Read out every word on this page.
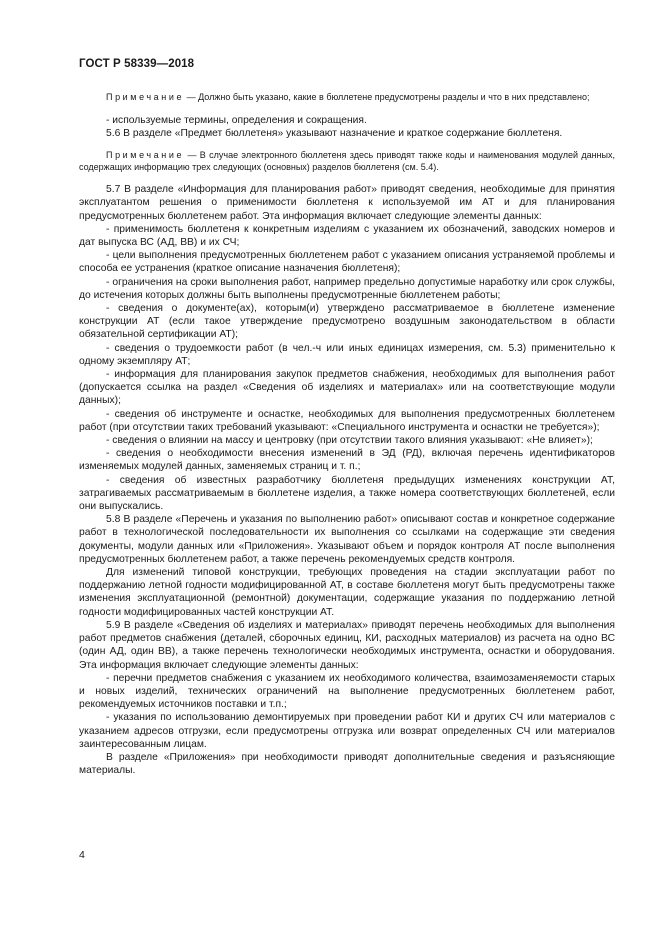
ГОСТ Р 58339—2018

Примечание — Должно быть указано, какие в бюллетене предусмотрены разделы и что в них представлено;

- используемые термины, определения и сокращения.

5.6 В разделе «Предмет бюллетеня» указывают назначение и краткое содержание бюллетеня.

Примечание — В случае электронного бюллетеня здесь приводят также коды и наименования модулей данных, содержащих информацию трех следующих (основных) разделов бюллетеня (см. 5.4).

5.7 В разделе «Информация для планирования работ» приводят сведения, необходимые для принятия эксплуатантом решения о применимости бюллетеня к используемой им АТ и для планирования предусмотренных бюллетенем работ. Эта информация включает следующие элементы данных:

- применимость бюллетеня к конкретным изделиям с указанием их обозначений, заводских номеров и дат выпуска ВС (АД, ВВ) и их СЧ;

- цели выполнения предусмотренных бюллетенем работ с указанием описания устраняемой проблемы и способа ее устранения (краткое описание назначения бюллетеня);

- ограничения на сроки выполнения работ, например предельно допустимые наработку или срок службы, до истечения которых должны быть выполнены предусмотренные бюллетенем работы;

- сведения о документе(ах), которым(и) утверждено рассматриваемое в бюллетене изменение конструкции АТ (если такое утверждение предусмотрено воздушным законодательством в области обязательной сертификации АТ);

- сведения о трудоемкости работ (в чел.-ч или иных единицах измерения, см. 5.3) применительно к одному экземпляру АТ;

- информация для планирования закупок предметов снабжения, необходимых для выполнения работ (допускается ссылка на раздел «Сведения об изделиях и материалах» или на соответствующие модули данных);

- сведения об инструменте и оснастке, необходимых для выполнения предусмотренных бюллетенем работ (при отсутствии таких требований указывают: «Специального инструмента и оснастки не требуется»);

- сведения о влиянии на массу и центровку (при отсутствии такого влияния указывают: «Не влияет»);

- сведения о необходимости внесения изменений в ЭД (РД), включая перечень идентификаторов изменяемых модулей данных, заменяемых страниц и т. п.;

- сведения об известных разработчику бюллетеня предыдущих изменениях конструкции АТ, затрагиваемых рассматриваемым в бюллетене изделия, а также номера соответствующих бюллетеней, если они выпускались.

5.8 В разделе «Перечень и указания по выполнению работ» описывают состав и конкретное содержание работ в технологической последовательности их выполнения со ссылками на содержащие эти сведения документы, модули данных или «Приложения». Указывают объем и порядок контроля АТ после выполнения предусмотренных бюллетенем работ, а также перечень рекомендуемых средств контроля.

Для изменений типовой конструкции, требующих проведения на стадии эксплуатации работ по поддержанию летной годности модифицированной АТ, в составе бюллетеня могут быть предусмотрены также изменения эксплуатационной (ремонтной) документации, содержащие указания по поддержанию летной годности модифицированных частей конструкции АТ.

5.9 В разделе «Сведения об изделиях и материалах» приводят перечень необходимых для выполнения работ предметов снабжения (деталей, сборочных единиц, КИ, расходных материалов) из расчета на одно ВС (один АД, один ВВ), а также перечень технологически необходимых инструмента, оснастки и оборудования. Эта информация включает следующие элементы данных:

- перечни предметов снабжения с указанием их необходимого количества, взаимозаменяемости старых и новых изделий, технических ограничений на выполнение предусмотренных бюллетенем работ, рекомендуемых источников поставки и т.п.;

- указания по использованию демонтируемых при проведении работ КИ и других СЧ или материалов с указанием адресов отгрузки, если предусмотрены отгрузка или возврат определенных СЧ или материалов заинтересованным лицам.

В разделе «Приложения» при необходимости приводят дополнительные сведения и разъясняющие материалы.

4
